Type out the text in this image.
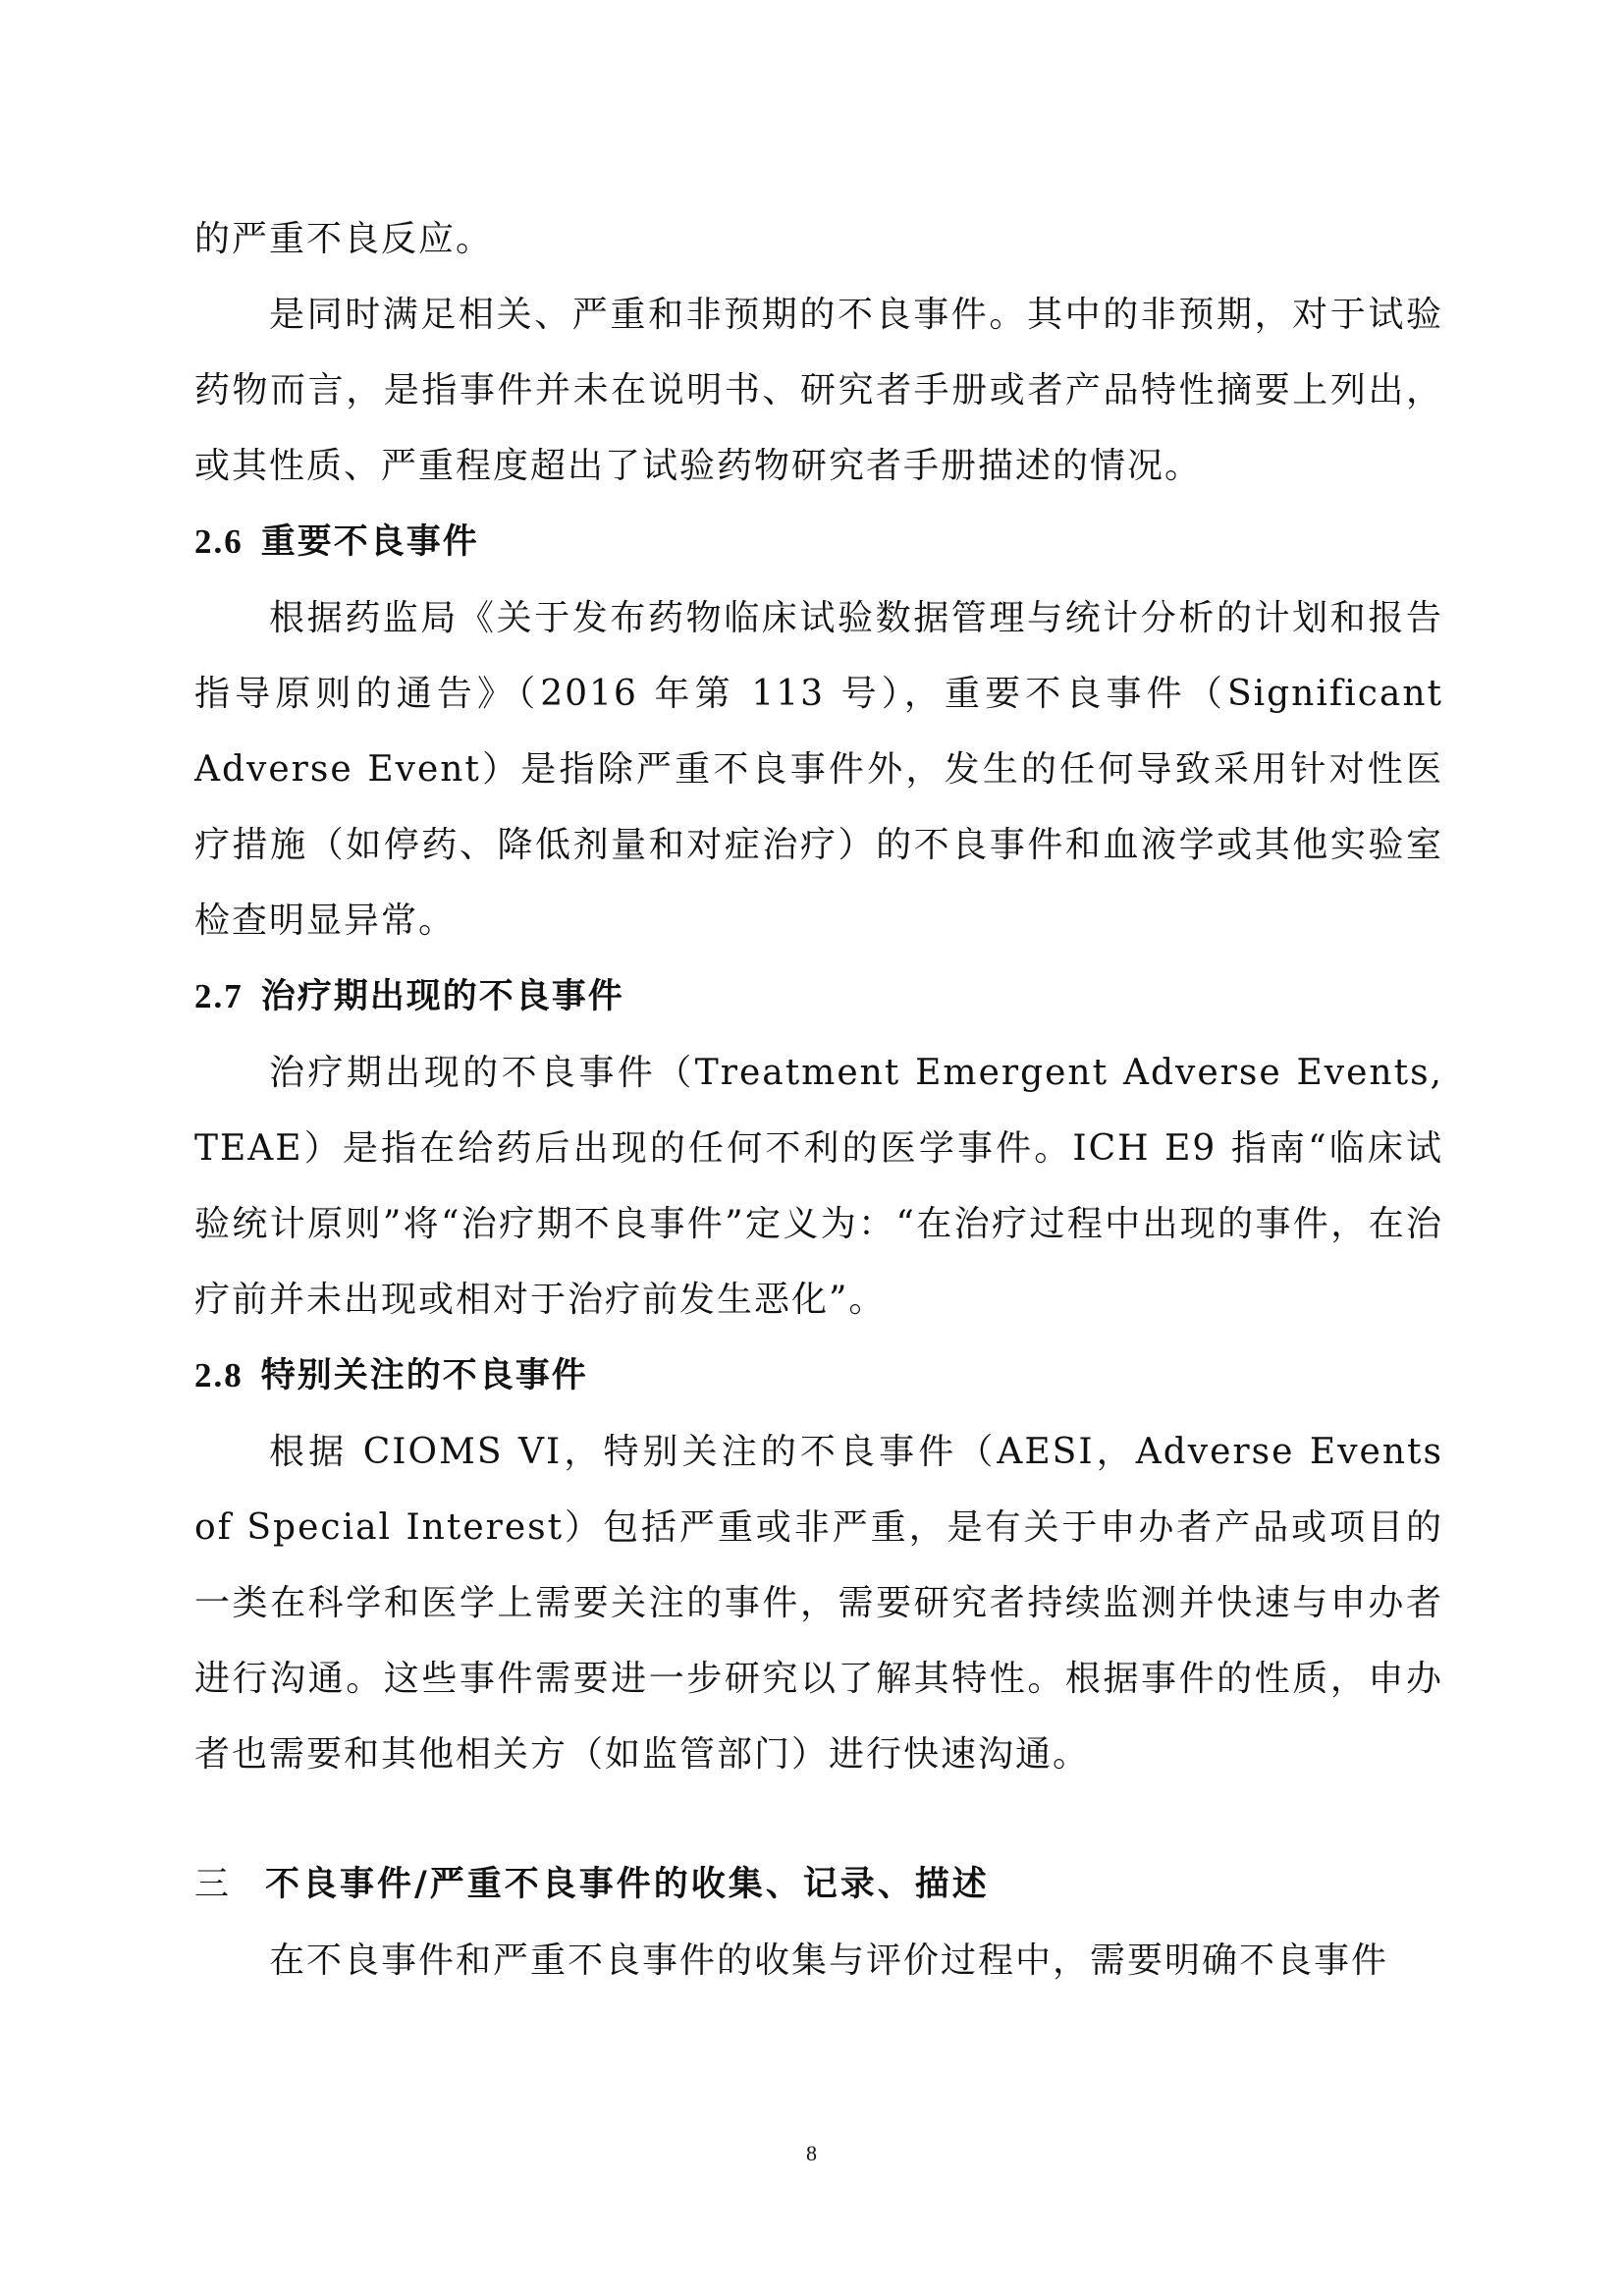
的严重不良反应。

是同时满足相关、严重和非预期的不良事件。其中的非预期，对于试验药物而言，是指事件并未在说明书、研究者手册或者产品特性摘要上列出，或其性质、严重程度超出了试验药物研究者手册描述的情况。

2.6 重要不良事件

根据药监局《关于发布药物临床试验数据管理与统计分析的计划和报告指导原则的通告》（2016 年第 113 号），重要不良事件（Significant Adverse Event）是指除严重不良事件外，发生的任何导致采用针对性医疗措施（如停药、降低剂量和对症治疗）的不良事件和血液学或其他实验室检查明显异常。

2.7 治疗期出现的不良事件

治疗期出现的不良事件（Treatment Emergent Adverse Events, TEAE）是指在给药后出现的任何不利的医学事件。ICH E9 指南“临床试验统计原则”将“治疗期不良事件”定义为：“在治疗过程中出现的事件，在治疗前并未出现或相对于治疗前发生恶化”。

2.8 特别关注的不良事件

根据 CIOMS VI，特别关注的不良事件（AESI，Adverse Events of Special Interest）包括严重或非严重，是有关于申办者产品或项目的一类在科学和医学上需要关注的事件，需要研究者持续监测并快速与申办者进行沟通。这些事件需要进一步研究以了解其特性。根据事件的性质，申办者也需要和其他相关方（如监管部门）进行快速沟通。

三 不良事件/严重不良事件的收集、记录、描述

在不良事件和严重不良事件的收集与评价过程中，需要明确不良事件

8
